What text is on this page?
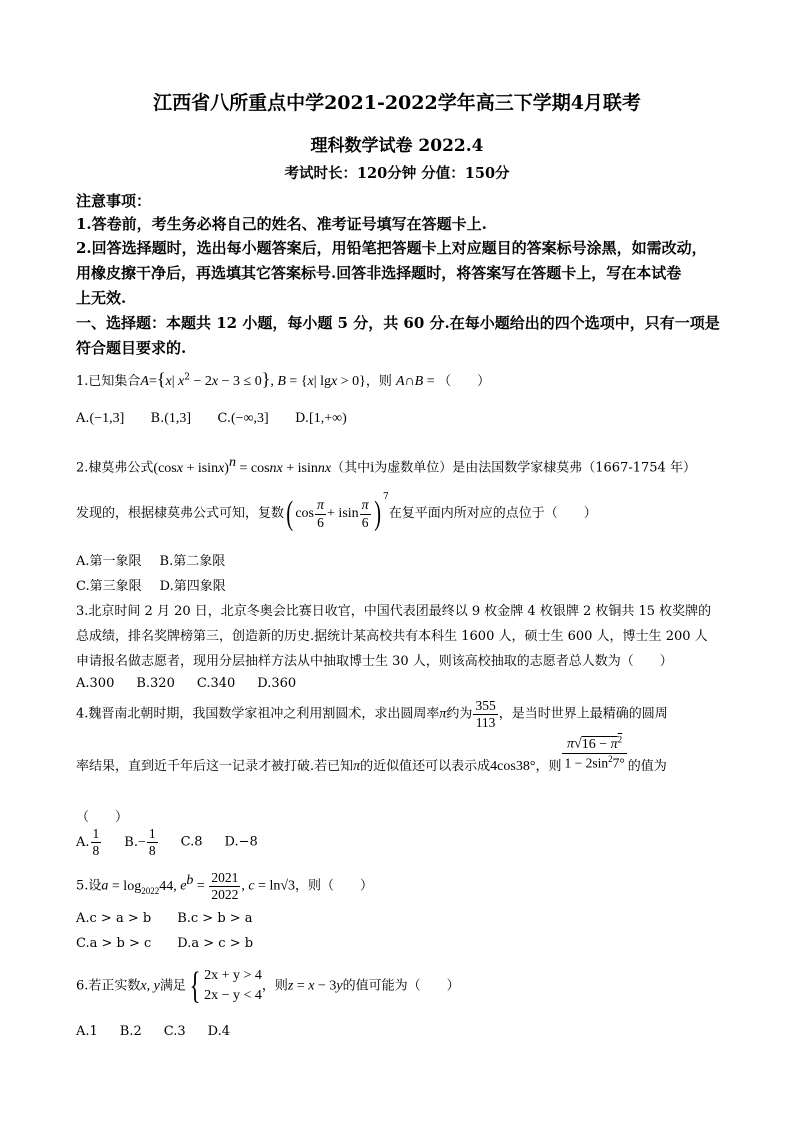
江西省八所重点中学2021-2022学年高三下学期4月联考
理科数学试卷 2022.4
考试时长：120分钟 分值：150分
注意事项：
1.答卷前，考生务必将自己的姓名、准考证号填写在答题卡上.
2.回答选择题时，选出每小题答案后，用铅笔把答题卡上对应题目的答案标号涂黑，如需改动，
用橡皮擦干净后，再选填其它答案标号.回答非选择题时，将答案写在答题卡上，写在本试卷
上无效.
一、选择题：本题共 12 小题，每小题 5 分，共 60 分.在每小题给出的四个选项中，只有一项是
符合题目要求的.
1.已知集合A={x| $x^2 - 2x - 3 \le 0$}, B = {x| lgx > 0}，则 A∩B = （　　）
A.(−1,3] B.(1,3] C.(−∞,3] D.[1,+∞)
2.棣莫弗公式$(\cos x + isinx)^n$ = cosnx + isinnx（其中i为虚数单位）是由法国数学家棣莫弗（1667-1754 年）
发现的，根据棣莫弗公式可知，复数( $\cos \frac{\pi}{6} + isin \frac{\pi}{6}$ ) $^7$在复平面内所对应的点位于（　　）
A.第一象限 B.第二象限
C.第三象限 D.第四象限
3.北京时间 2 月 20 日，北京冬奥会比赛日收官，中国代表团最终以 9 枚金牌 4 枚银牌 2 枚铜共 15 枚奖牌的
总成绩，排名奖牌榜第三，创造新的历史.据统计某高校共有本科生 1600 人，硕士生 600 人，博士生 200 人
申请报名做志愿者，现用分层抽样方法从中抽取博士生 30 人，则该高校抽取的志愿者总人数为（　　）
A.300 B.320 C.340 D.360
4.魏晋南北朝时期，我国数学家祖冲之利用割圆术，求出圆周率π约为 $\frac{355}{113}$ ，是当时世界上最精确的圆周
率结果，直到近千年后这一记录才被打破.若已知π的近似值还可以表示成4cos38°，则 $\frac{\pi√16 - \pi^2}{1 - 2\sin^27^\circ}$ 的值为
（　　）
A. $\frac{1}{8} B.- \frac{1}{8} C.8$ D.−8
5.设$a = \log_{2022}44$, $e^b = \frac{2021}{2022}$ , c = ln√3，则（　　）
A.c > a > b B.c > b > a
C.a > b > c D.a > c > b
6.若正实数x, y满足{ 2x + y > 4
2x − y < 4
，则z = x − 3y的值可能为（　　）
A.1 B.2 C.3 D.4
